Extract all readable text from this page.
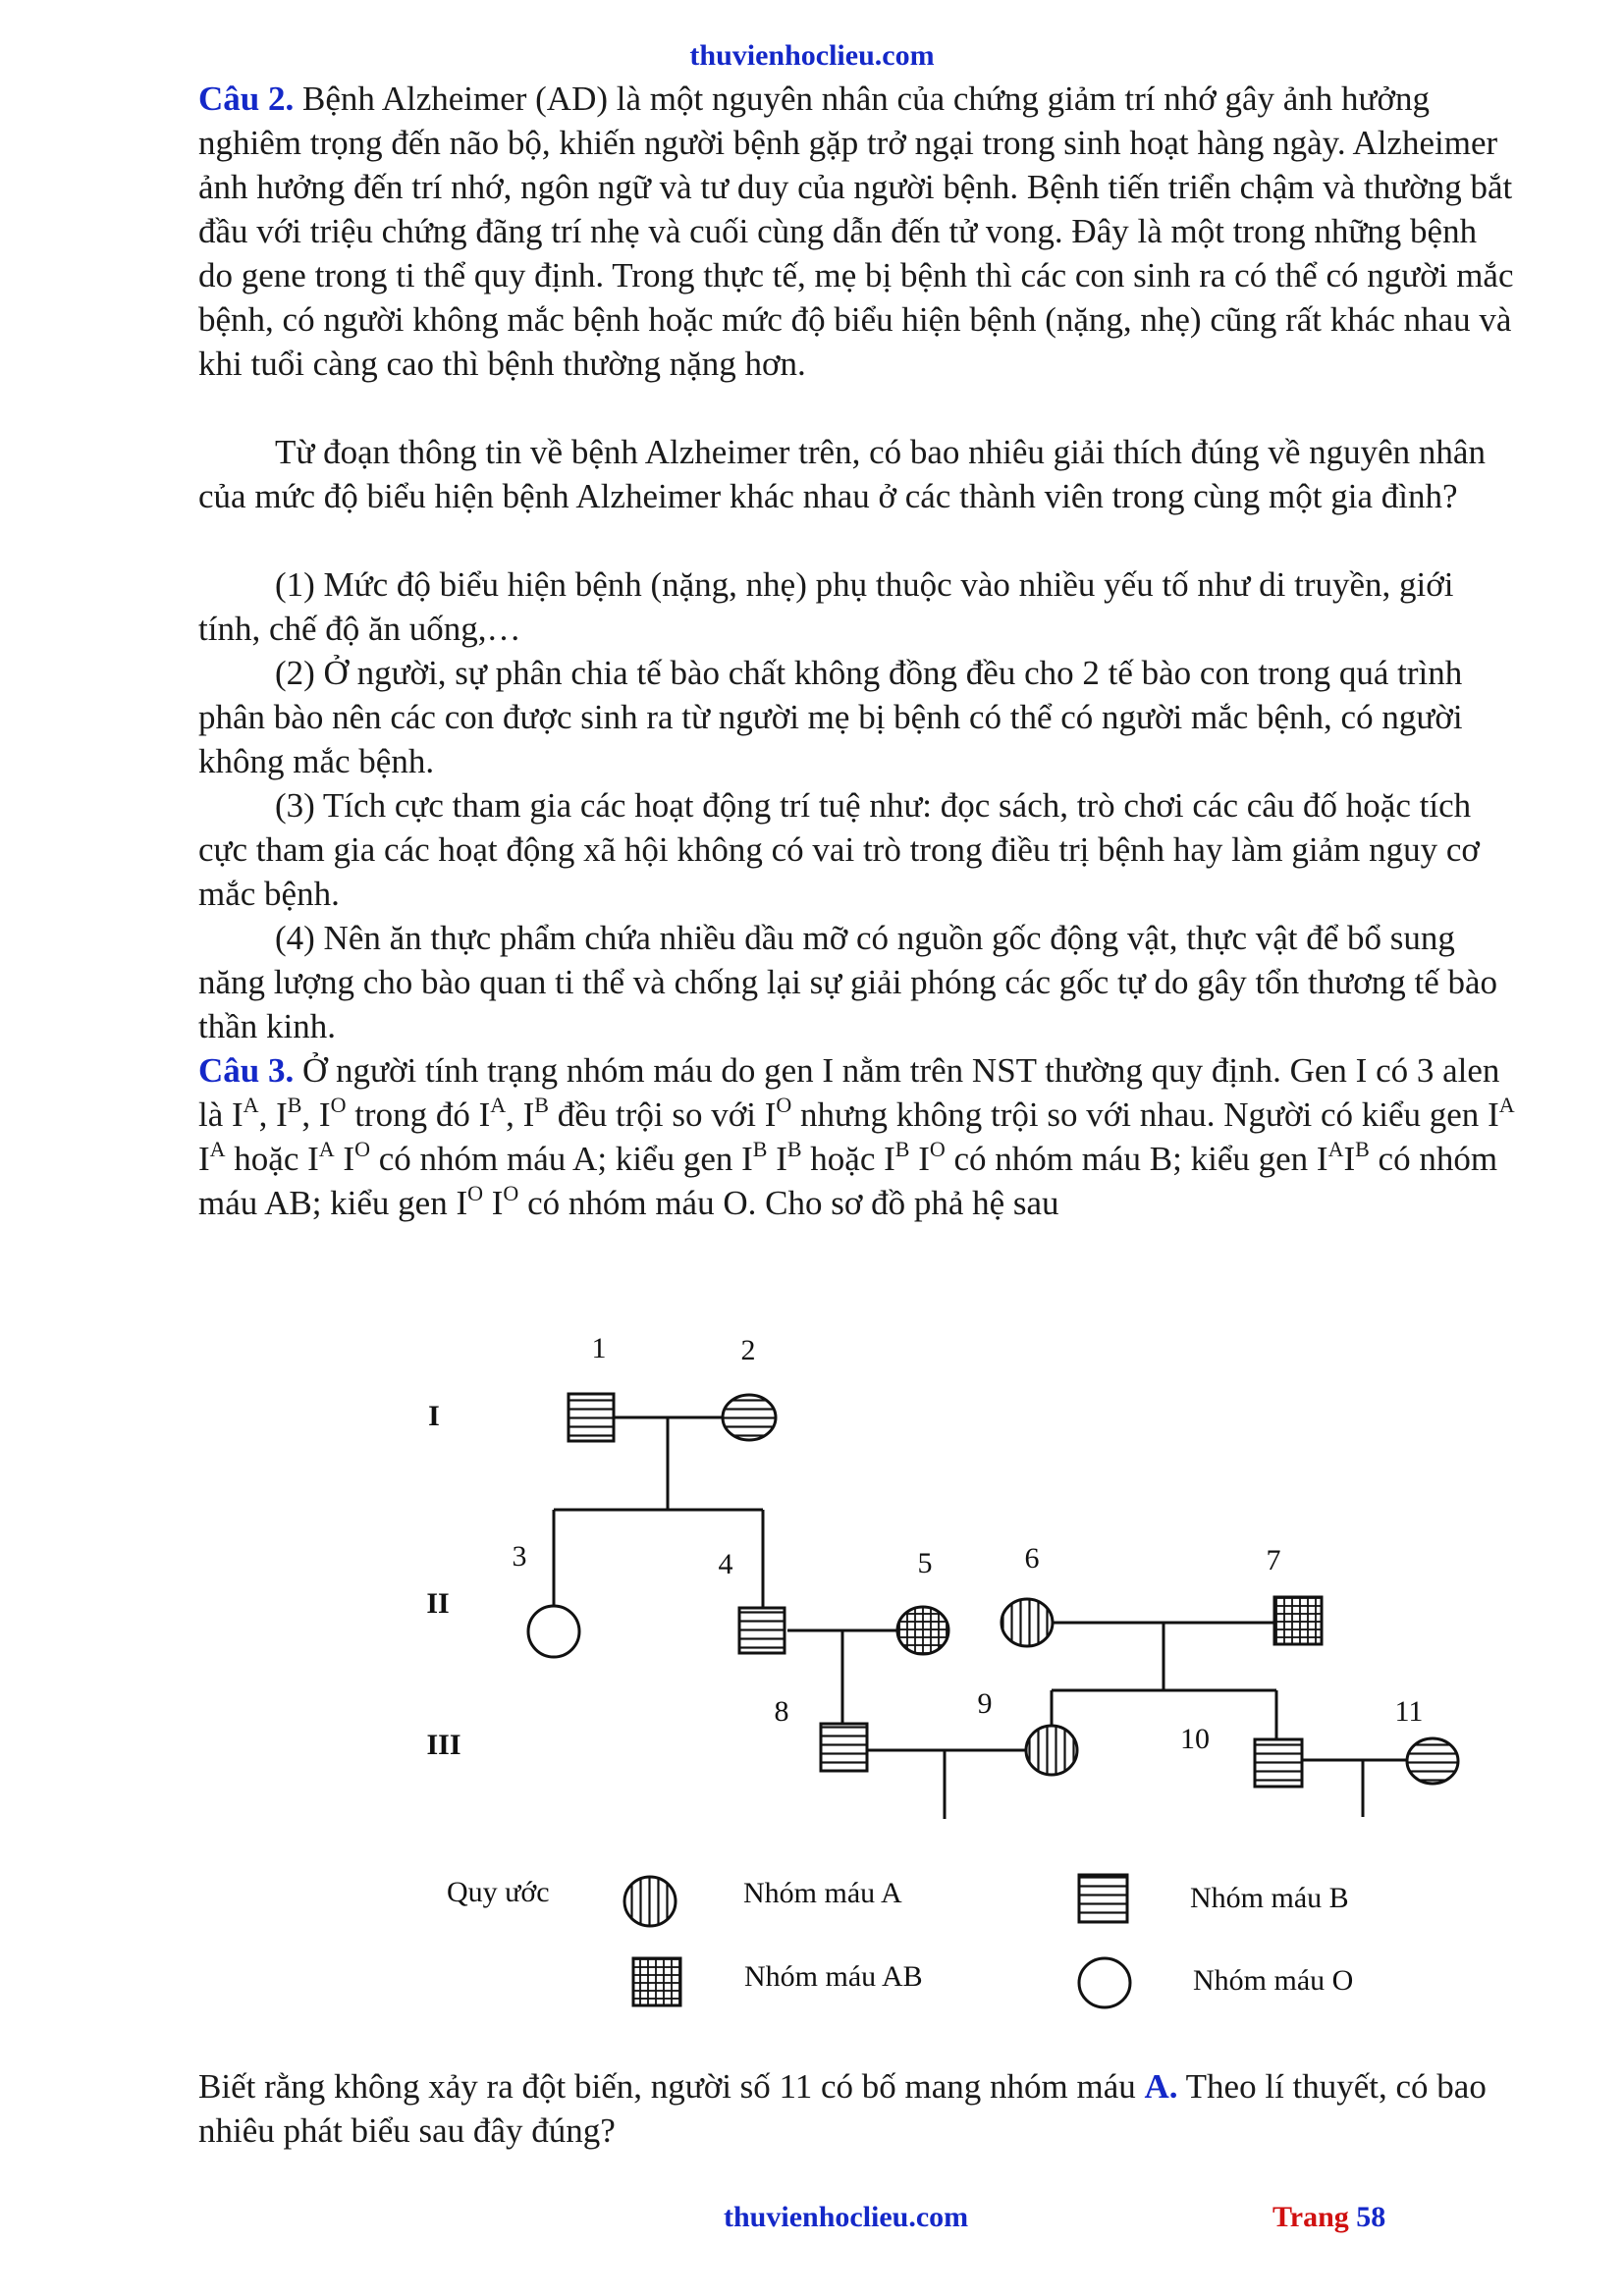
thuvienhoclieu.com
Câu 2. Bệnh Alzheimer (AD) là một nguyên nhân của chứng giảm trí nhớ gây ảnh hưởng nghiêm trọng đến não bộ, khiến người bệnh gặp trở ngại trong sinh hoạt hàng ngày. Alzheimer ảnh hưởng đến trí nhớ, ngôn ngữ và tư duy của người bệnh. Bệnh tiến triển chậm và thường bắt đầu với triệu chứng đãng trí nhẹ và cuối cùng dẫn đến tử vong. Đây là một trong những bệnh do gene trong ti thể quy định. Trong thực tế, mẹ bị bệnh thì các con sinh ra có thể có người mắc bệnh, có người không mắc bệnh hoặc mức độ biểu hiện bệnh (nặng, nhẹ) cũng rất khác nhau và khi tuổi càng cao thì bệnh thường nặng hơn.
Từ đoạn thông tin về bệnh Alzheimer trên, có bao nhiêu giải thích đúng về nguyên nhân của mức độ biểu hiện bệnh Alzheimer khác nhau ở các thành viên trong cùng một gia đình?
(1) Mức độ biểu hiện bệnh (nặng, nhẹ) phụ thuộc vào nhiều yếu tố như di truyền, giới tính, chế độ ăn uống,…
(2) Ở người, sự phân chia tế bào chất không đồng đều cho 2 tế bào con trong quá trình phân bào nên các con được sinh ra từ người mẹ bị bệnh có thể có người mắc bệnh, có người không mắc bệnh.
(3) Tích cực tham gia các hoạt động trí tuệ như: đọc sách, trò chơi các câu đố hoặc tích cực tham gia các hoạt động xã hội không có vai trò trong điều trị bệnh hay làm giảm nguy cơ mắc bệnh.
(4) Nên ăn thực phẩm chứa nhiều dầu mỡ có nguồn gốc động vật, thực vật để bổ sung năng lượng cho bào quan ti thể và chống lại sự giải phóng các gốc tự do gây tổn thương tế bào thần kinh.
Câu 3. Ở người tính trạng nhóm máu do gen I nằm trên NST thường quy định. Gen I có 3 alen là $I^A$, $I^B$, $I^O$ trong đó $I^A$, $I^B$ đều trội so với $I^O$ nhưng không trội so với nhau. Người có kiểu gen $I^A$ $I^A$ hoặc $I^A$ $I^O$ có nhóm máu A; kiểu gen $I^B$ $I^B$ hoặc $I^B$ $I^O$ có nhóm máu B; kiểu gen $I^AI^B$ có nhóm máu AB; kiểu gen $I^O$ $I^O$ có nhóm máu O. Cho sơ đồ phả hệ sau
1	2
3	4	5	6	7
8	9
10
11
I
II
III
Quy ước	Nhóm máu A	Nhóm máu B
Nhóm máu AB	Nhóm máu O
Biết rằng không xảy ra đột biến, người số 11 có bố mang nhóm máu A. Theo lí thuyết, có bao nhiêu phát biểu sau đây đúng?
thuvienhoclieu.com	Trang 58
